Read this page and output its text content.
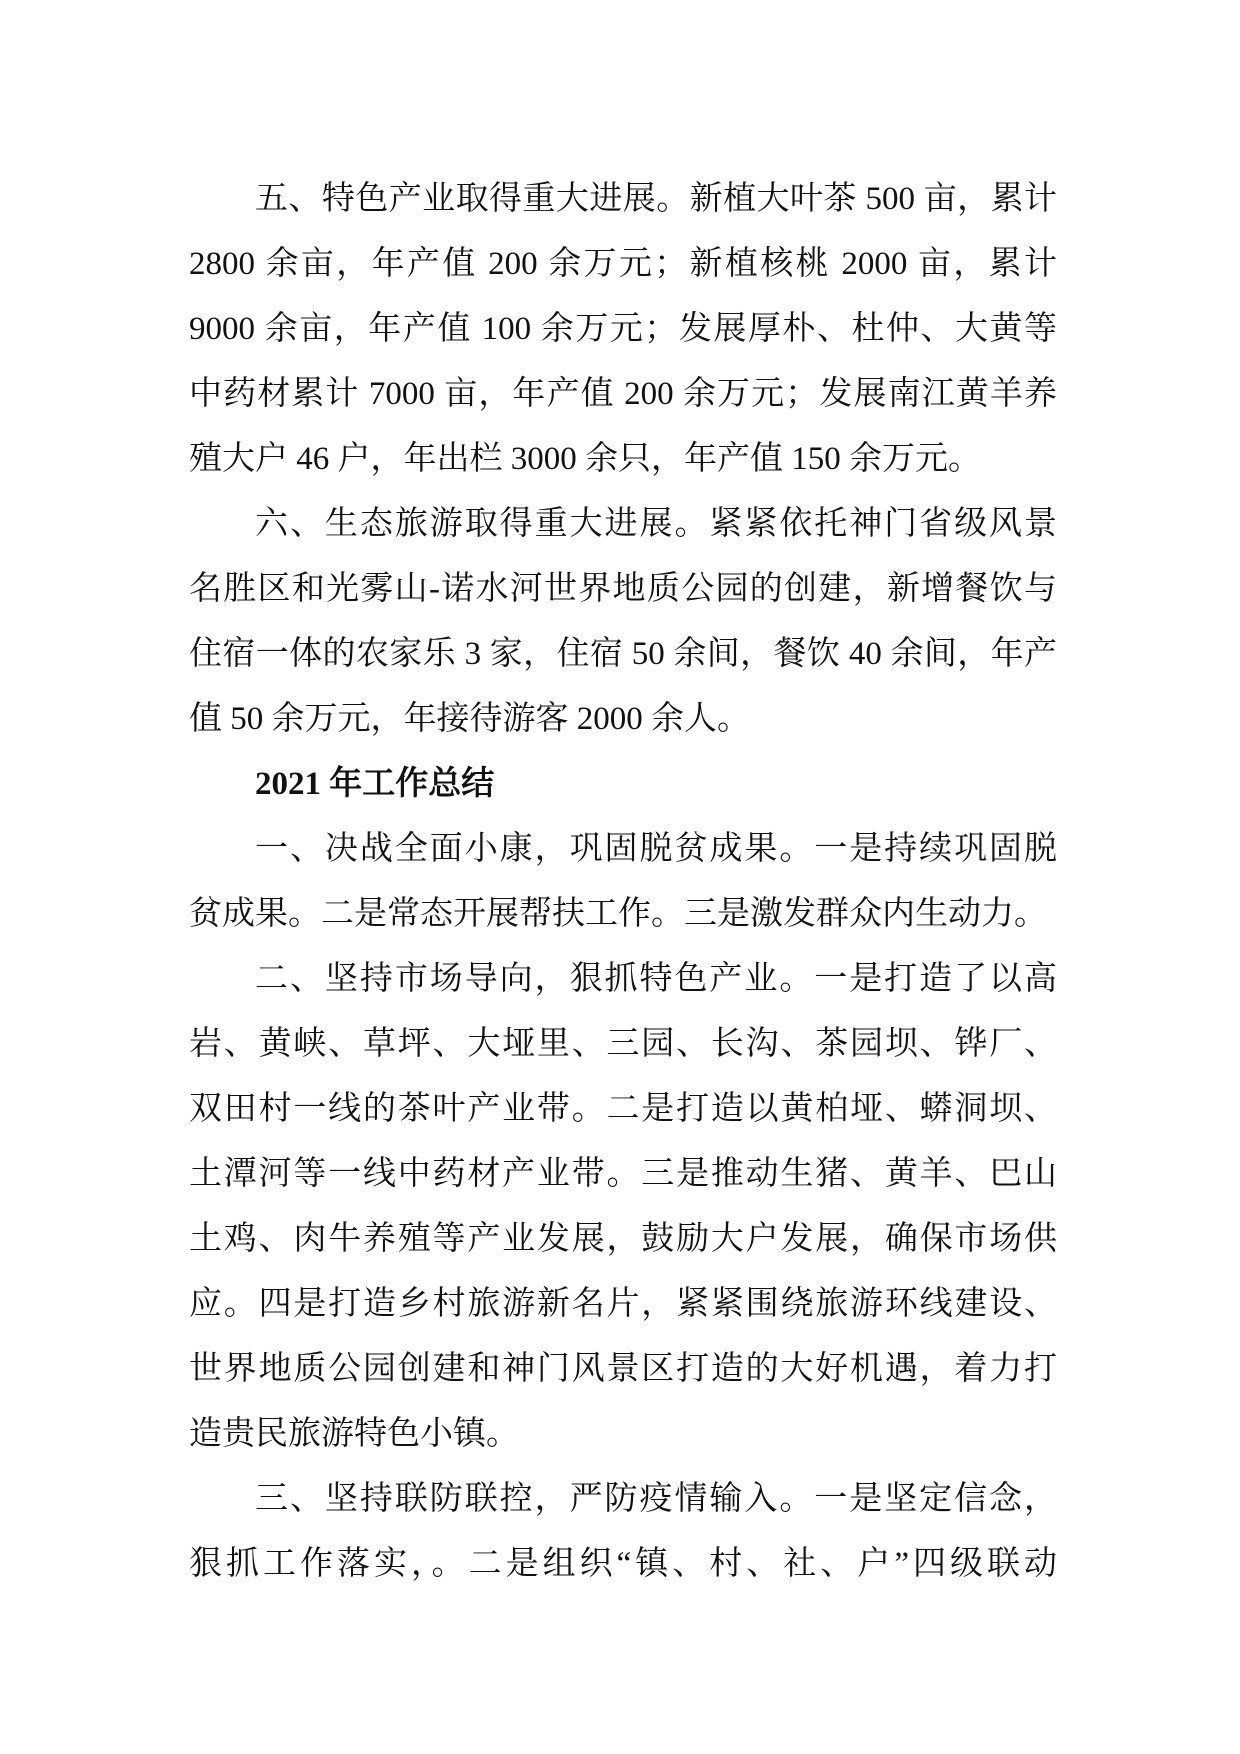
五、特色产业取得重大进展。新植大叶茶 500 亩，累计
2800 余亩，年产值 200 余万元；新植核桃 2000 亩，累计
9000 余亩，年产值 100 余万元；发展厚朴、杜仲、大黄等
中药材累计 7000 亩，年产值 200 余万元；发展南江黄羊养
殖大户 46 户，年出栏 3000 余只，年产值 150 余万元。
六、生态旅游取得重大进展。紧紧依托神门省级风景
名胜区和光雾山-诺水河世界地质公园的创建，新增餐饮与
住宿一体的农家乐 3 家，住宿 50 余间，餐饮 40 余间，年产
值 50 余万元，年接待游客 2000 余人。
2021 年工作总结
一、决战全面小康，巩固脱贫成果。一是持续巩固脱
贫成果。二是常态开展帮扶工作。三是激发群众内生动力。
二、坚持市场导向，狠抓特色产业。一是打造了以高
岩、黄峡、草坪、大垭里、三园、长沟、茶园坝、铧厂、
双田村一线的茶叶产业带。二是打造以黄柏垭、蟒洞坝、
土潭河等一线中药材产业带。三是推动生猪、黄羊、巴山
土鸡、肉牛养殖等产业发展，鼓励大户发展，确保市场供
应。四是打造乡村旅游新名片，紧紧围绕旅游环线建设、
世界地质公园创建和神门风景区打造的大好机遇，着力打
造贵民旅游特色小镇。
三、坚持联防联控，严防疫情输入。一是坚定信念，
狠抓工作落实，。二是组织“镇、村、社、户”四级联动
